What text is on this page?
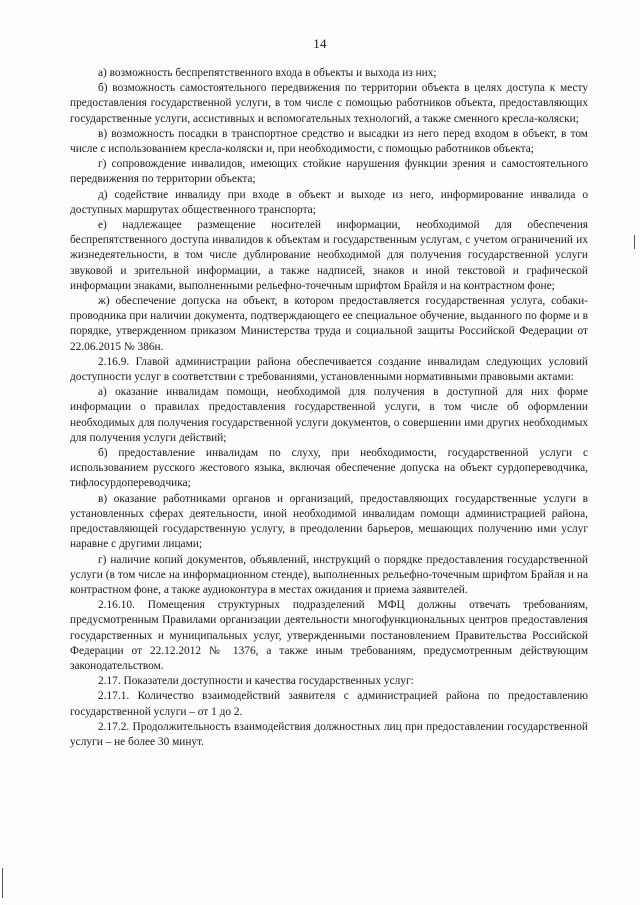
14

а) возможность беспрепятственного входа в объекты и выхода из них;

б) возможность самостоятельного передвижения по территории объекта в целях доступа к месту предоставления государственной услуги, в том числе с помощью работников объекта, предоставляющих государственные услуги, ассистивных и вспомогательных технологий, а также сменного кресла-коляски;

в) возможность посадки в транспортное средство и высадки из него перед входом в объект, в том числе с использованием кресла-коляски и, при необходимости, с помощью работников объекта;

г) сопровождение инвалидов, имеющих стойкие нарушения функции зрения и самостоятельного передвижения по территории объекта;

д) содействие инвалиду при входе в объект и выходе из него, информирование инвалида о доступных маршрутах общественного транспорта;

е) надлежащее размещение носителей информации, необходимой для обеспечения беспрепятственного доступа инвалидов к объектам и государственным услугам, с учетом ограничений их жизнедеятельности, в том числе дублирование необходимой для получения государственной услуги звуковой и зрительной информации, а также надписей, знаков и иной текстовой и графической информации знаками, выполненными рельефно-точечным шрифтом Брайля и на контрастном фоне;

ж) обеспечение допуска на объект, в котором предоставляется государственная услуга, собаки-проводника при наличии документа, подтверждающего ее специальное обучение, выданного по форме и в порядке, утвержденном приказом Министерства труда и социальной защиты Российской Федерации от 22.06.2015 № 386н.

2.16.9. Главой администрации района обеспечивается создание инвалидам следующих условий доступности услуг в соответствии с требованиями, установленными нормативными правовыми актами:

а) оказание инвалидам помощи, необходимой для получения в доступной для них форме информации о правилах предоставления государственной услуги, в том числе об оформлении необходимых для получения государственной услуги документов, о совершении ими других необходимых для получения услуги действий;

б) предоставление инвалидам по слуху, при необходимости, государственной услуги с использованием русского жестового языка, включая обеспечение допуска на объект сурдопереводчика, тифлосурдопереводчика;

в) оказание работниками органов и организаций, предоставляющих государственные услуги в установленных сферах деятельности, иной необходимой инвалидам помощи администрацией района, предоставляющей государственную услугу, в преодолении барьеров, мешающих получению ими услуг наравне с другими лицами;

г) наличие копий документов, объявлений, инструкций о порядке предоставления государственной услуги (в том числе на информационном стенде), выполненных рельефно-точечным шрифтом Брайля и на контрастном фоне, а также аудиоконтура в местах ожидания и приема заявителей.

2.16.10. Помещения структурных подразделений МФЦ должны отвечать требованиям, предусмотренным Правилами организации деятельности многофункциональных центров предоставления государственных и муниципальных услуг, утвержденными постановлением Правительства Российской Федерации от 22.12.2012 № 1376, а также иным требованиям, предусмотренным действующим законодательством.

2.17. Показатели доступности и качества государственных услуг:

2.17.1. Количество взаимодействий заявителя с администрацией района по предоставлению государственной услуги – от 1 до 2.

2.17.2. Продолжительность взаимодействия должностных лиц при предоставлении государственной услуги – не более 30 минут.
